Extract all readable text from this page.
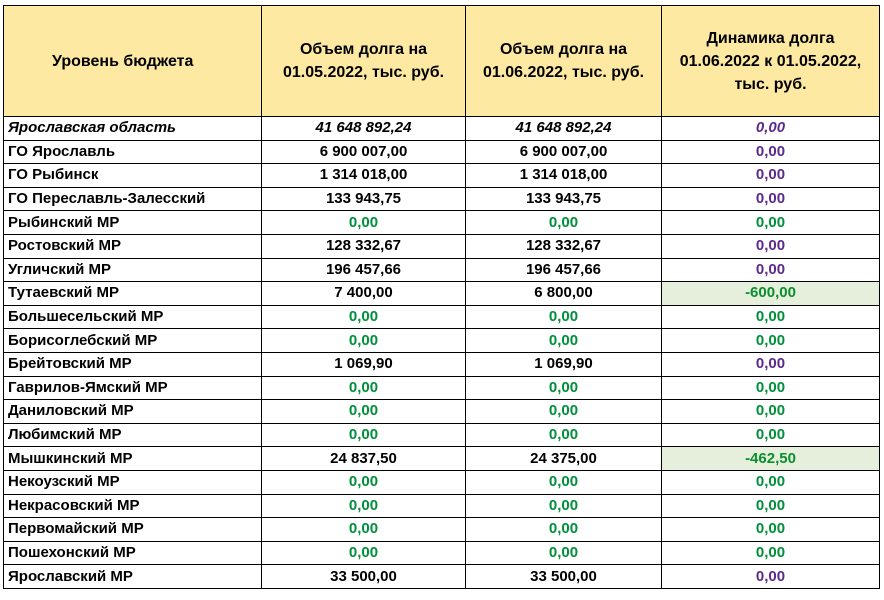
Уровень бюджета	Объем долга на 01.05.2022, тыс. руб.	Объем долга на 01.06.2022, тыс. руб.	Динамика долга 01.06.2022 к 01.05.2022, тыс. руб.
Ярославская область	41 648 892,24	41 648 892,24	0,00
ГО Ярославль	6 900 007,00	6 900 007,00	0,00
ГО Рыбинск	1 314 018,00	1 314 018,00	0,00
ГО Переславль-Залесский	133 943,75	133 943,75	0,00
Рыбинский МР	0,00	0,00	0,00
Ростовский МР	128 332,67	128 332,67	0,00
Угличский МР	196 457,66	196 457,66	0,00
Тутаевский МР	7 400,00	6 800,00	-600,00
Большесельский МР	0,00	0,00	0,00
Борисоглебский МР	0,00	0,00	0,00
Брейтовский МР	1 069,90	1 069,90	0,00
Гаврилов-Ямский МР	0,00	0,00	0,00
Даниловский МР	0,00	0,00	0,00
Любимский МР	0,00	0,00	0,00
Мышкинский МР	24 837,50	24 375,00	-462,50
Некоузский МР	0,00	0,00	0,00
Некрасовский МР	0,00	0,00	0,00
Первомайский МР	0,00	0,00	0,00
Пошехонский МР	0,00	0,00	0,00
Ярославский МР	33 500,00	33 500,00	0,00
